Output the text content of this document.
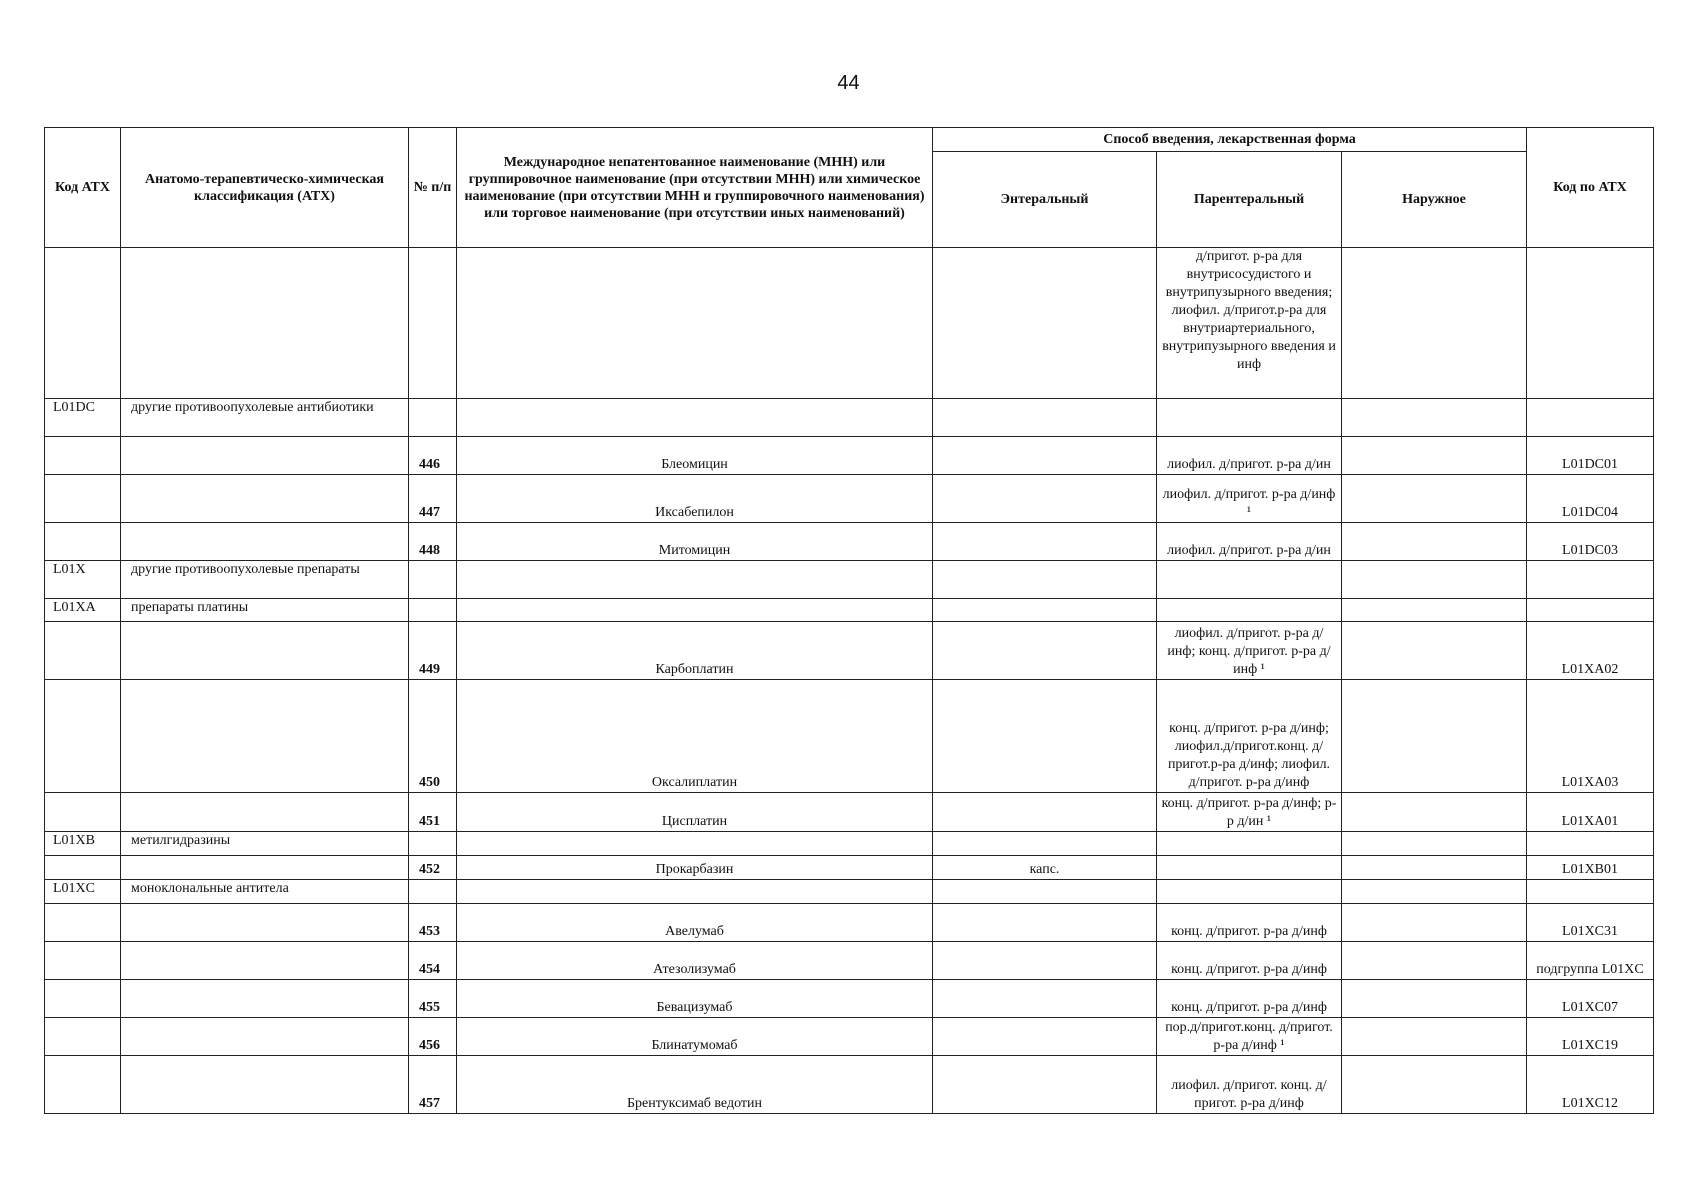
44
Код АТХ	Анатомо-терапевтическо-химическая классификация (АТХ)	№ п/п	Международное непатентованное наименование (МНН) или группировочное наименование (при отсутствии МНН) или химическое наименование (при отсутствии МНН и группировочного наименования) или торговое наименование (при отсутствии иных наименований)	Способ введения, лекарственная форма			Код по АТХ
				Энтеральный	Парентеральный	Наружное	
					д/пригот. р-ра для внутрисосудистого и внутрипузырного введения; лиофил. д/пригот.р-ра для внутриартериального, внутрипузырного введения и инф		
L01DC	другие противоопухолевые антибиотики						
		446	Блеомицин		лиофил. д/пригот. р-ра д/ин		L01DC01
		447	Иксабепилон		лиофил. д/пригот. р-ра д/инф ¹		L01DC04
		448	Митомицин		лиофил. д/пригот. р-ра д/ин		L01DC03
L01X	другие противоопухолевые препараты						
L01XA	препараты платины						
		449	Карбоплатин		лиофил. д/пригот. р-ра д/инф; конц. д/пригот. р-ра д/инф ¹		L01XA02
		450	Оксалиплатин		конц. д/пригот. р-ра д/инф; лиофил.д/пригот.конц. д/пригот.р-ра д/инф; лиофил. д/пригот. р-ра д/инф		L01XA03
		451	Цисплатин		конц. д/пригот. р-ра д/инф; р-р д/ин ¹		L01XA01
L01XB	метилгидразины						
		452	Прокарбазин	капс.			L01XB01
L01XC	моноклональные антитела						
		453	Авелумаб		конц. д/пригот. р-ра д/инф		L01XC31
		454	Атезолизумаб		конц. д/пригот. р-ра д/инф		подгруппа L01XC
		455	Бевацизумаб		конц. д/пригот. р-ра д/инф		L01XC07
		456	Блинатумомаб		пор.д/пригот.конц. д/пригот. р-ра д/инф ¹		L01XC19
		457	Брентуксимаб ведотин		лиофил. д/пригот. конц. д/пригот. р-ра д/инф		L01XC12
